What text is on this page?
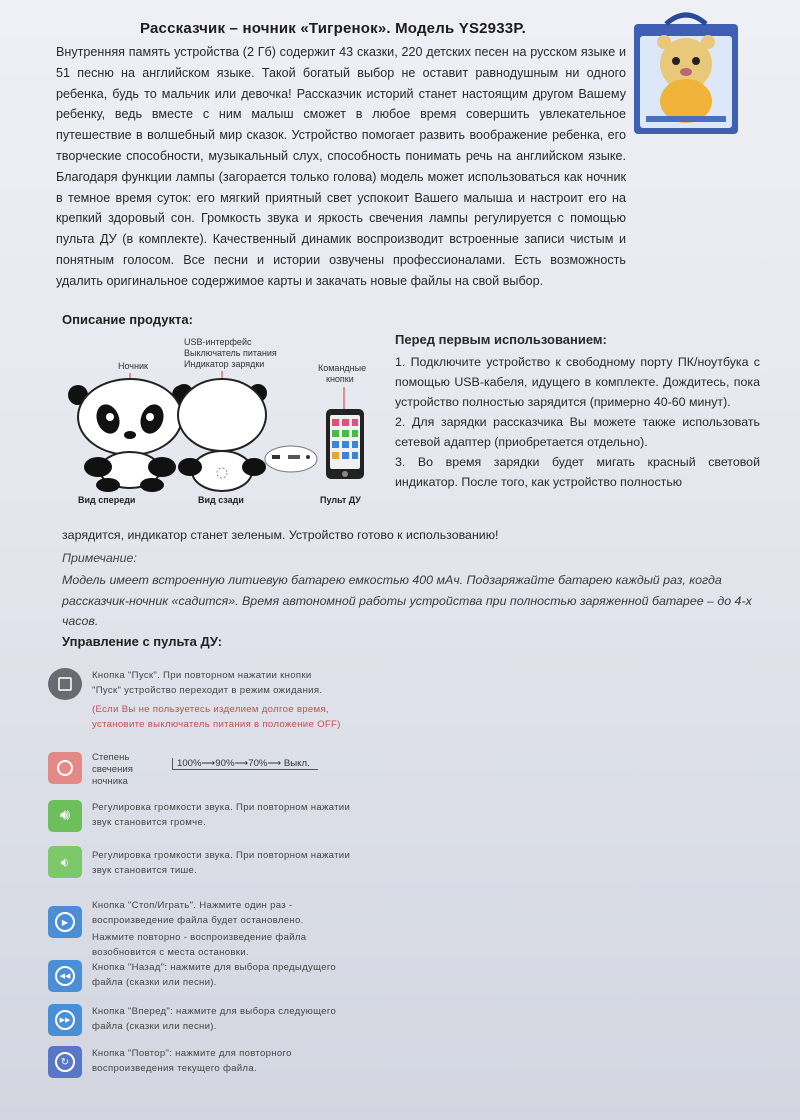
Рассказчик – ночник «Тигренок». Модель YS2933P.
Внутренняя память устройства (2 Гб) содержит 43 сказки, 220 детских песен на русском языке и 51 песню на английском языке. Такой богатый выбор не оставит равнодушным ни одного ребенка, будь то мальчик или девочка! Рассказчик историй станет настоящим другом Вашему ребенку, ведь вместе с ним малыш сможет в любое время совершить увлекательное путешествие в волшебный мир сказок. Устройство помогает развить воображение ребенка, его творческие способности, музыкальный слух, способность понимать речь на английском языке. Благодаря функции лампы (загорается только голова) модель может использоваться как ночник в темное время суток: его мягкий приятный свет успокоит Вашего малыша и настроит его на крепкий здоровый сон. Громкость звука и яркость свечения лампы регулируется с помощью пульта ДУ (в комплекте). Качественный динамик воспроизводит встроенные записи чистым и понятным голосом. Все песни и истории озвучены профессионалами. Есть возможность удалить оригинальное содержимое карты и закачать новые файлы на свой выбор.
Описание продукта:
Ночник
USB-интерфейс
Выключатель питания
Индикатор зарядки	Командные
кнопки
Вид спереди	Вид сзади	Пульт ДУ
Перед первым использованием:
1. Подключите устройство к свободному порту ПК/ноутбука с помощью USB-кабеля, идущего в комплекте. Дождитесь, пока устройство полностью зарядится (примерно 40-60 минут).
2. Для зарядки рассказчика Вы можете также использовать сетевой адаптер (приобретается отдельно).
3. Во время зарядки будет мигать красный световой индикатор. После того, как устройство полностью
зарядится, индикатор станет зеленым. Устройство готово к использованию!
Примечание:
Модель имеет встроенную литиевую батарею емкостью 400 мАч. Подзаряжайте батарею каждый раз, когда рассказчик-ночник «садится». Время автономной работы устройства при полностью заряженной батарее – до 4-х часов.
Управление с пульта ДУ:
Кнопка "Пуск". При повторном нажатии кнопки
"Пуск" устройство переходит в режим ожидания.
(Если Вы не пользуетесь изделием долгое время,
установите выключатель питания в положение OFF)
Степень
свечения
ночника
100%⟶90%⟶70%⟶ Выкл.
🔊︎ Регулировка громкости звука. При повторном нажатии
звук становится громче.
🔉︎ Регулировка громкости звука. При повторном нажатии
звук становится тише.
▶︎
Кнопка "Стоп/Играть". Нажмите один раз -
воспроизведение файла будет остановлено.
Нажмите повторно - воспроизведение файла
возобновится с места остановки.
◀◀
Кнопка "Назад": нажмите для выбора предыдущего
файла (сказки или песни).
▶▶
Кнопка "Вперед": нажмите для выбора следующего
файла (сказки или песни).
↻
Кнопка "Повтор": нажмите для повторного
воспроизведения текущего файла.
